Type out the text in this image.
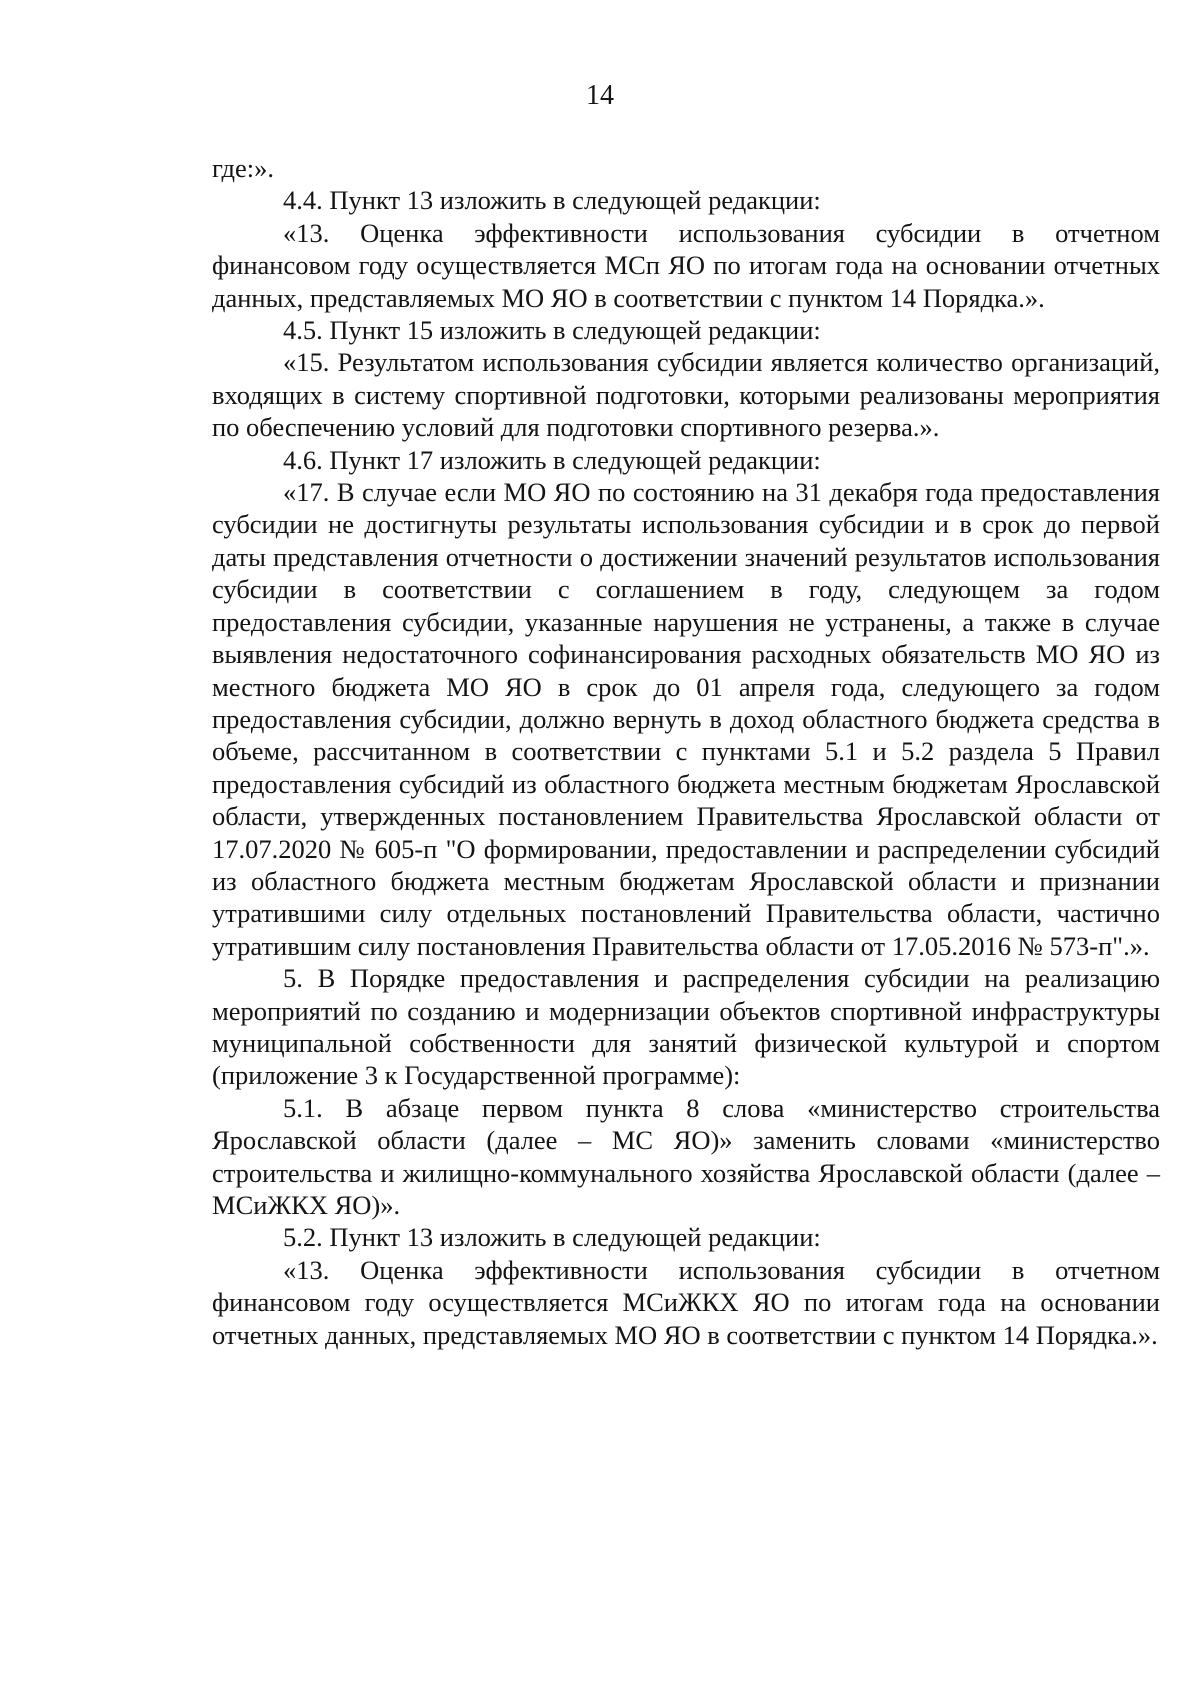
14

где:».

4.4. Пункт 13 изложить в следующей редакции:

«13. Оценка эффективности использования субсидии в отчетном финансовом году осуществляется МСп ЯО по итогам года на основании отчетных данных, представляемых МО ЯО в соответствии с пунктом 14 Порядка.».

4.5. Пункт 15 изложить в следующей редакции:

«15. Результатом использования субсидии является количество организаций, входящих в систему спортивной подготовки, которыми реализованы мероприятия по обеспечению условий для подготовки спортивного резерва.».

4.6. Пункт 17 изложить в следующей редакции:

«17. В случае если МО ЯО по состоянию на 31 декабря года предоставления субсидии не достигнуты результаты использования субсидии и в срок до первой даты представления отчетности о достижении значений результатов использования субсидии в соответствии с соглашением в году, следующем за годом предоставления субсидии, указанные нарушения не устранены, а также в случае выявления недостаточного софинансирования расходных обязательств МО ЯО из местного бюджета МО ЯО в срок до 01 апреля года, следующего за годом предоставления субсидии, должно вернуть в доход областного бюджета средства в объеме, рассчитанном в соответствии с пунктами 5.1 и 5.2 раздела 5 Правил предоставления субсидий из областного бюджета местным бюджетам Ярославской области, утвержденных постановлением Правительства Ярославской области от 17.07.2020 № 605-п "О формировании, предоставлении и распределении субсидий из областного бюджета местным бюджетам Ярославской области и признании утратившими силу отдельных постановлений Правительства области, частично утратившим силу постановления Правительства области от 17.05.2016 № 573-п".».

5. В Порядке предоставления и распределения субсидии на реализацию мероприятий по созданию и модернизации объектов спортивной инфраструктуры муниципальной собственности для занятий физической культурой и спортом (приложение 3 к Государственной программе):

5.1. В абзаце первом пункта 8 слова «министерство строительства Ярославской области (далее – МС ЯО)» заменить словами «министерство строительства и жилищно-коммунального хозяйства Ярославской области (далее – МСиЖКХ ЯО)».

5.2. Пункт 13 изложить в следующей редакции:

«13. Оценка эффективности использования субсидии в отчетном финансовом году осуществляется МСиЖКХ ЯО по итогам года на основании отчетных данных, представляемых МО ЯО в соответствии с пунктом 14 Порядка.».
